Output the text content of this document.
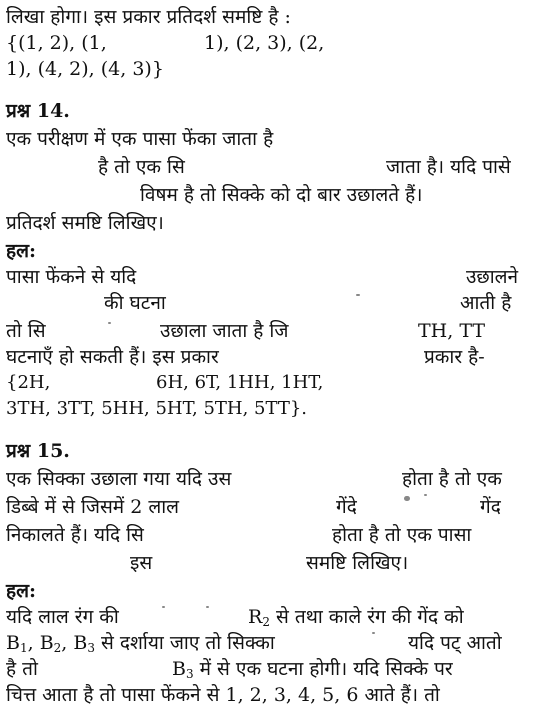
लिखा होगा। इस प्रकार प्रतिदर्श समष्टि है :
{(1, 2), (1,	1), (2, 3), (2,
1), (4, 2), (4, 3)}
प्रश्न 14.
एक परीक्षण में एक पासा फेंका जाता है
है तो एक सि	जाता है। यदि पासे
विषम है तो सिक्के को दो बार उछालते हैं।
प्रतिदर्श समष्टि लिखिए।
हल:
पासा फेंकने से यदि	उछालने
की घटना	आती है
तो सि	उछाला जाता है जि	TH, TT
घटनाएँ हो सकती हैं। इस प्रकार	प्रकार है-
{2H,	6H, 6T, 1HH, 1HT,
3TH, 3TT, 5HH, 5HT, 5TH, 5TT}.
प्रश्न 15.
एक सिक्का उछाला गया यदि उस	होता है तो एक
डिब्बे में से जिसमें 2 लाल	गेंदे	गेंद
निकालते हैं। यदि सि	होता है तो एक पासा
इस	समष्टि लिखिए।
हल:
यदि लाल रंग की	$R_2$ से तथा काले रंग की गेंद को
$B_1$, $B_2$, $B_3$ से दर्शाया जाए तो सिक्का	यदि पट् आतो
है तो	$B_3$ में से एक घटना होगी। यदि सिक्के पर
चित्त आता है तो पासा फेंकने से 1, 2, 3, 4, 5, 6 आते हैं। तो
